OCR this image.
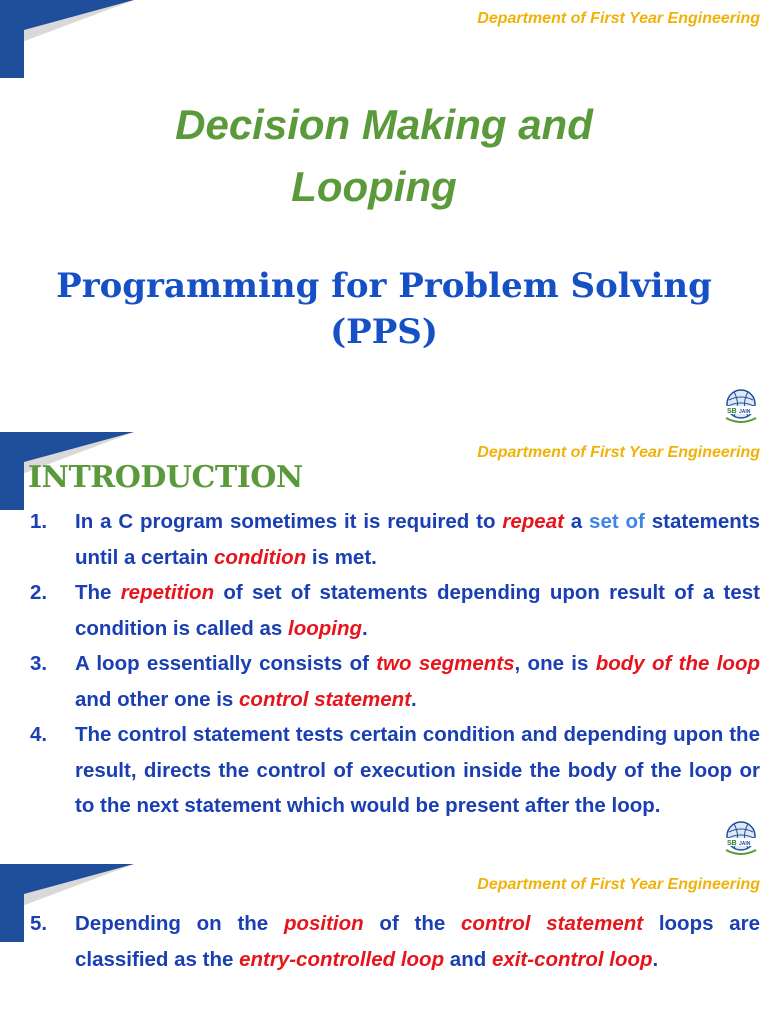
Department of First Year Engineering
Decision Making and
Looping
Programming for Problem Solving
(PPS)
SB JAIN
Department of First Year Engineering
INTRODUCTION
1.	In a C program sometimes it is required to repeat a set of statements until a certain condition is met.
2.	The repetition of set of statements depending upon result of a test condition is called as looping.
3.	A loop essentially consists of two segments, one is body of the loop and other one is control statement.
4.	The control statement tests certain condition and depending upon the result, directs the control of execution inside the body of the loop or to the next statement which would be present after the loop.
SB JAIN
Department of First Year Engineering
5.	Depending on the position of the control statement loops are classified as the entry-controlled loop and exit-control loop.
